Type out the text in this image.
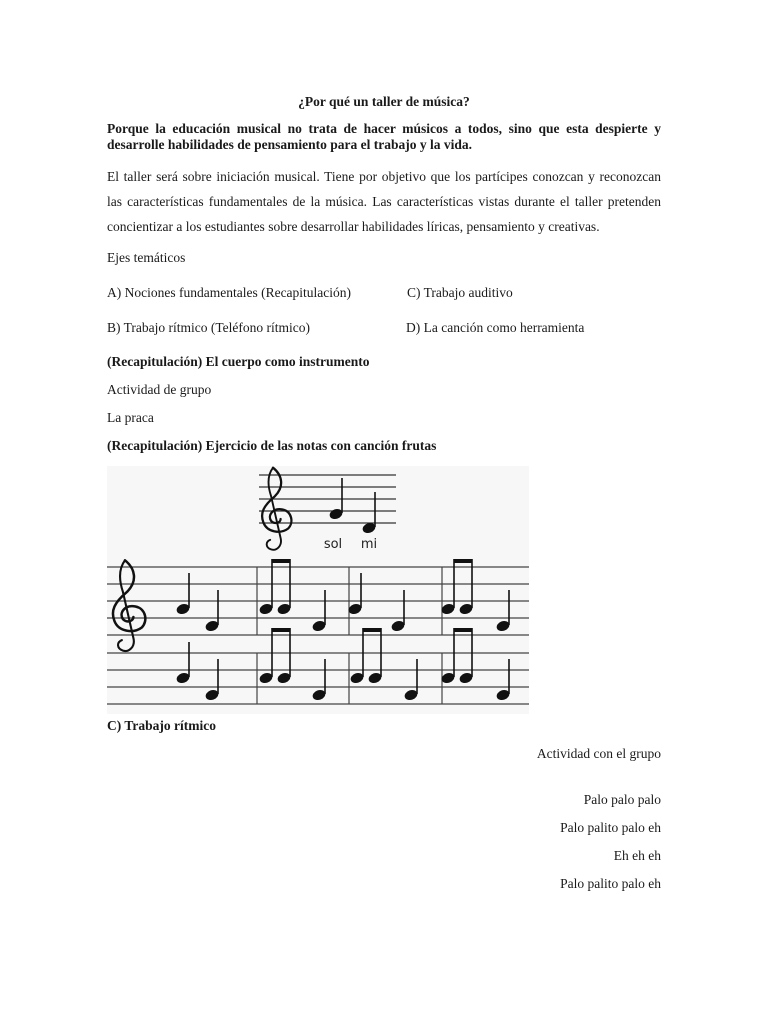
¿Por qué un taller de música?
Porque la educación musical no trata de hacer músicos a todos, sino que esta despierte y desarrolle habilidades de pensamiento para el trabajo y la vida.
El taller será sobre iniciación musical. Tiene por objetivo que los partícipes conozcan y reconozcan las características fundamentales de la música. Las características vistas durante el taller pretenden concientizar a los estudiantes sobre desarrollar habilidades líricas, pensamiento y creativas.
Ejes temáticos
A) Nociones fundamentales (Recapitulación)	C) Trabajo auditivo
B) Trabajo rítmico (Teléfono rítmico)	D) La canción como herramienta
(Recapitulación) El cuerpo como instrumento
Actividad de grupo
La praca
(Recapitulación) Ejercicio de las notas con canción frutas
sol mi
C) Trabajo rítmico
Actividad con el grupo
Palo palo palo
Palo palito palo eh
Eh eh eh
Palo palito palo eh
